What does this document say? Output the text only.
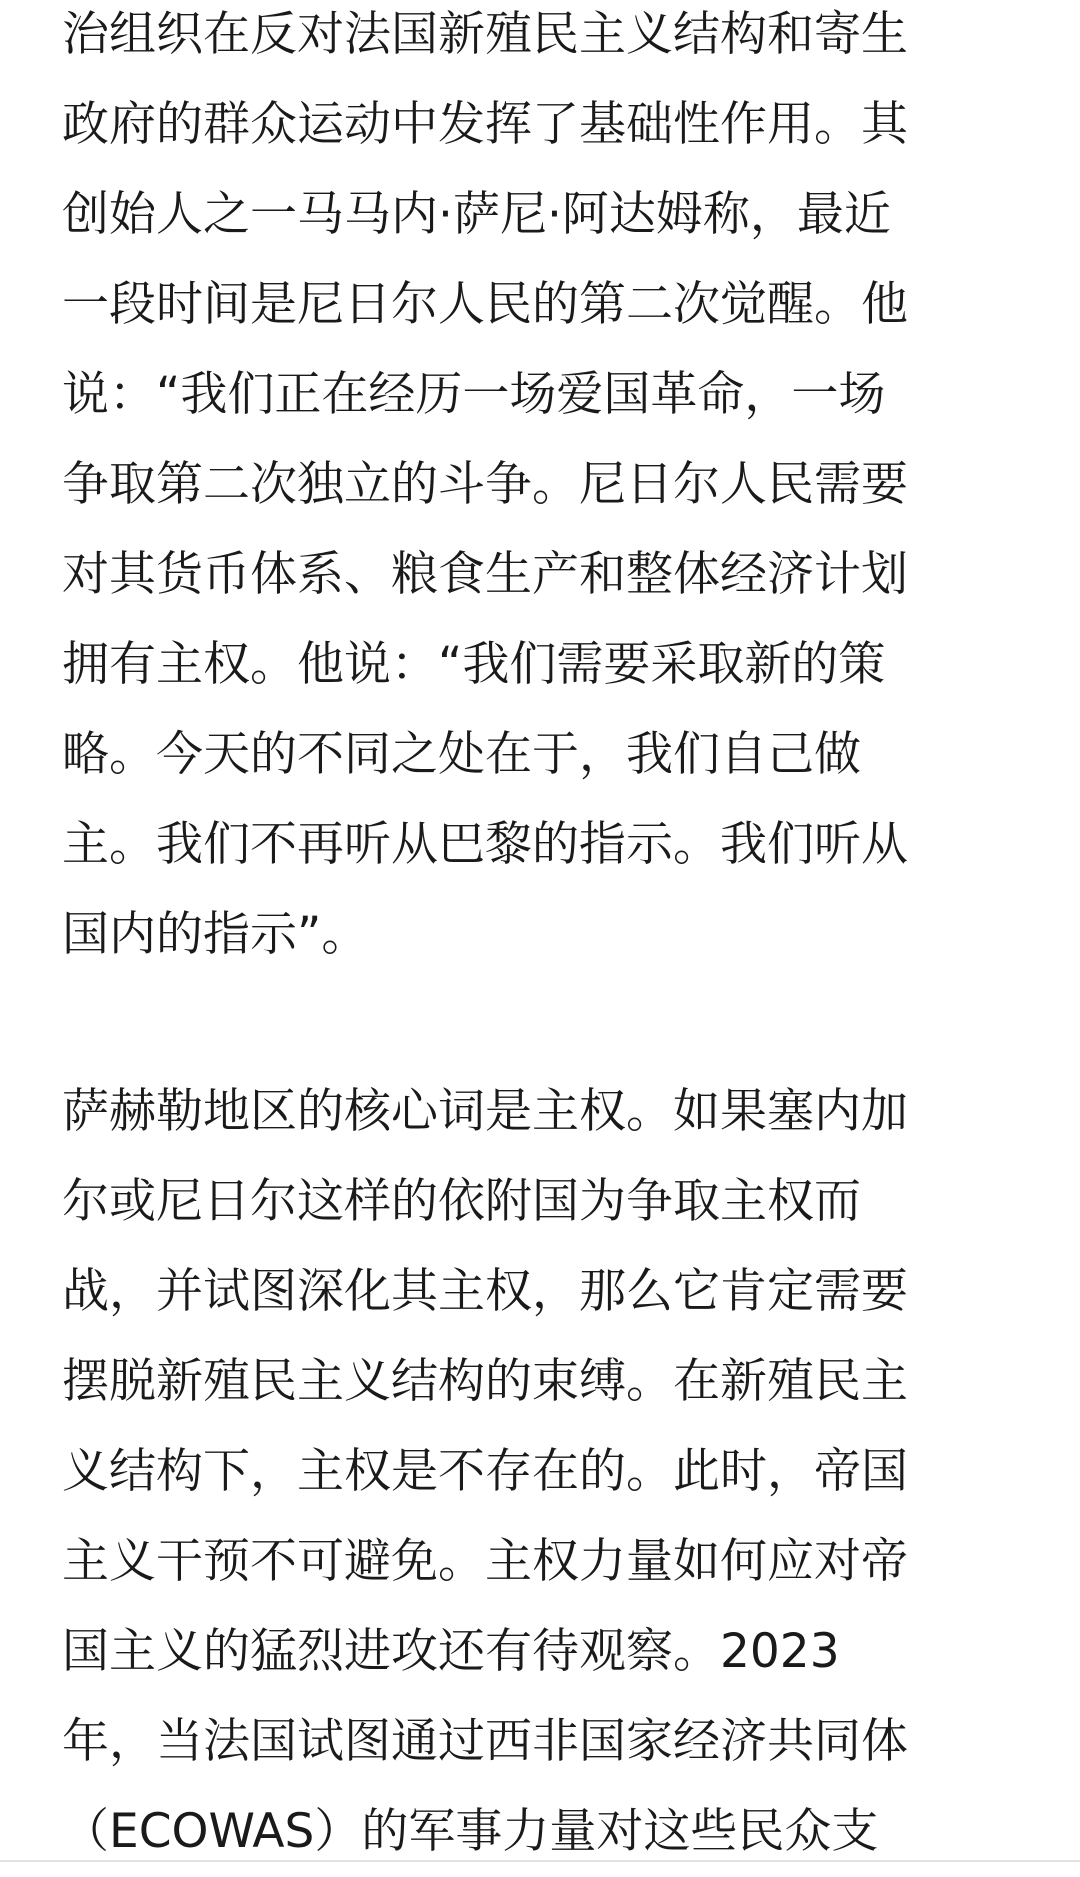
治组织在反对法国新殖民主义结构和寄生
政府的群众运动中发挥了基础性作用。其
创始人之一马马内·萨尼·阿达姆称，最近
一段时间是尼日尔人民的第二次觉醒。他
说：“我们正在经历一场爱国革命，一场
争取第二次独立的斗争。尼日尔人民需要
对其货币体系、粮食生产和整体经济计划
拥有主权。他说：“我们需要采取新的策
略。今天的不同之处在于，我们自己做
主。我们不再听从巴黎的指示。我们听从
国内的指示”。
萨赫勒地区的核心词是主权。如果塞内加
尔或尼日尔这样的依附国为争取主权而
战，并试图深化其主权，那么它肯定需要
摆脱新殖民主义结构的束缚。在新殖民主
义结构下，主权是不存在的。此时，帝国
主义干预不可避免。主权力量如何应对帝
国主义的猛烈进攻还有待观察。2023
年，当法国试图通过西非国家经济共同体
（ECOWAS）的军事力量对这些民众支
